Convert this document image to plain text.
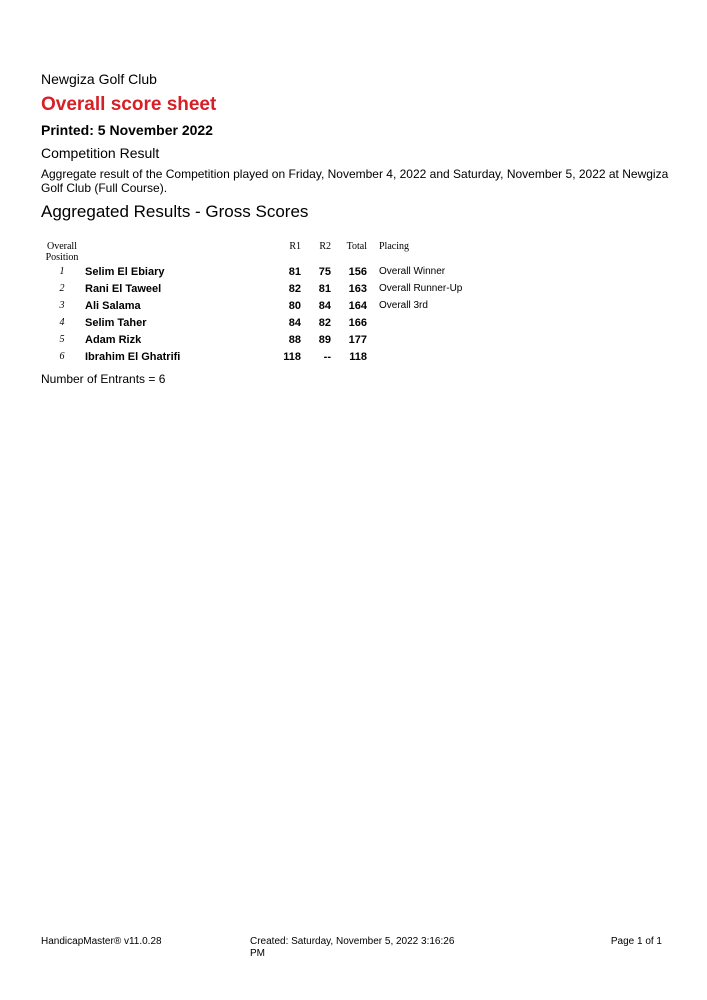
Newgiza Golf Club
Overall score sheet
Printed: 5 November 2022
Competition Result
Aggregate result of the Competition played on Friday, November 4, 2022 and Saturday, November 5, 2022 at Newgiza Golf Club (Full Course).
Aggregated Results - Gross Scores
Overall
Position
R1	R2	Total Placing
1	Selim El Ebiary	81	75	156 Overall Winner
2	Rani El Taweel	82	81	163 Overall Runner-Up
3	Ali Salama	80	84	164 Overall 3rd
4	Selim Taher	84	82	166
5	Adam Rizk	88	89	177
6	Ibrahim El Ghatrifi	118	--	118
Number of Entrants = 6
HandicapMaster® v11.0.28	Created: Saturday, November 5, 2022 3:16:26 PM
Page 1 of 1
